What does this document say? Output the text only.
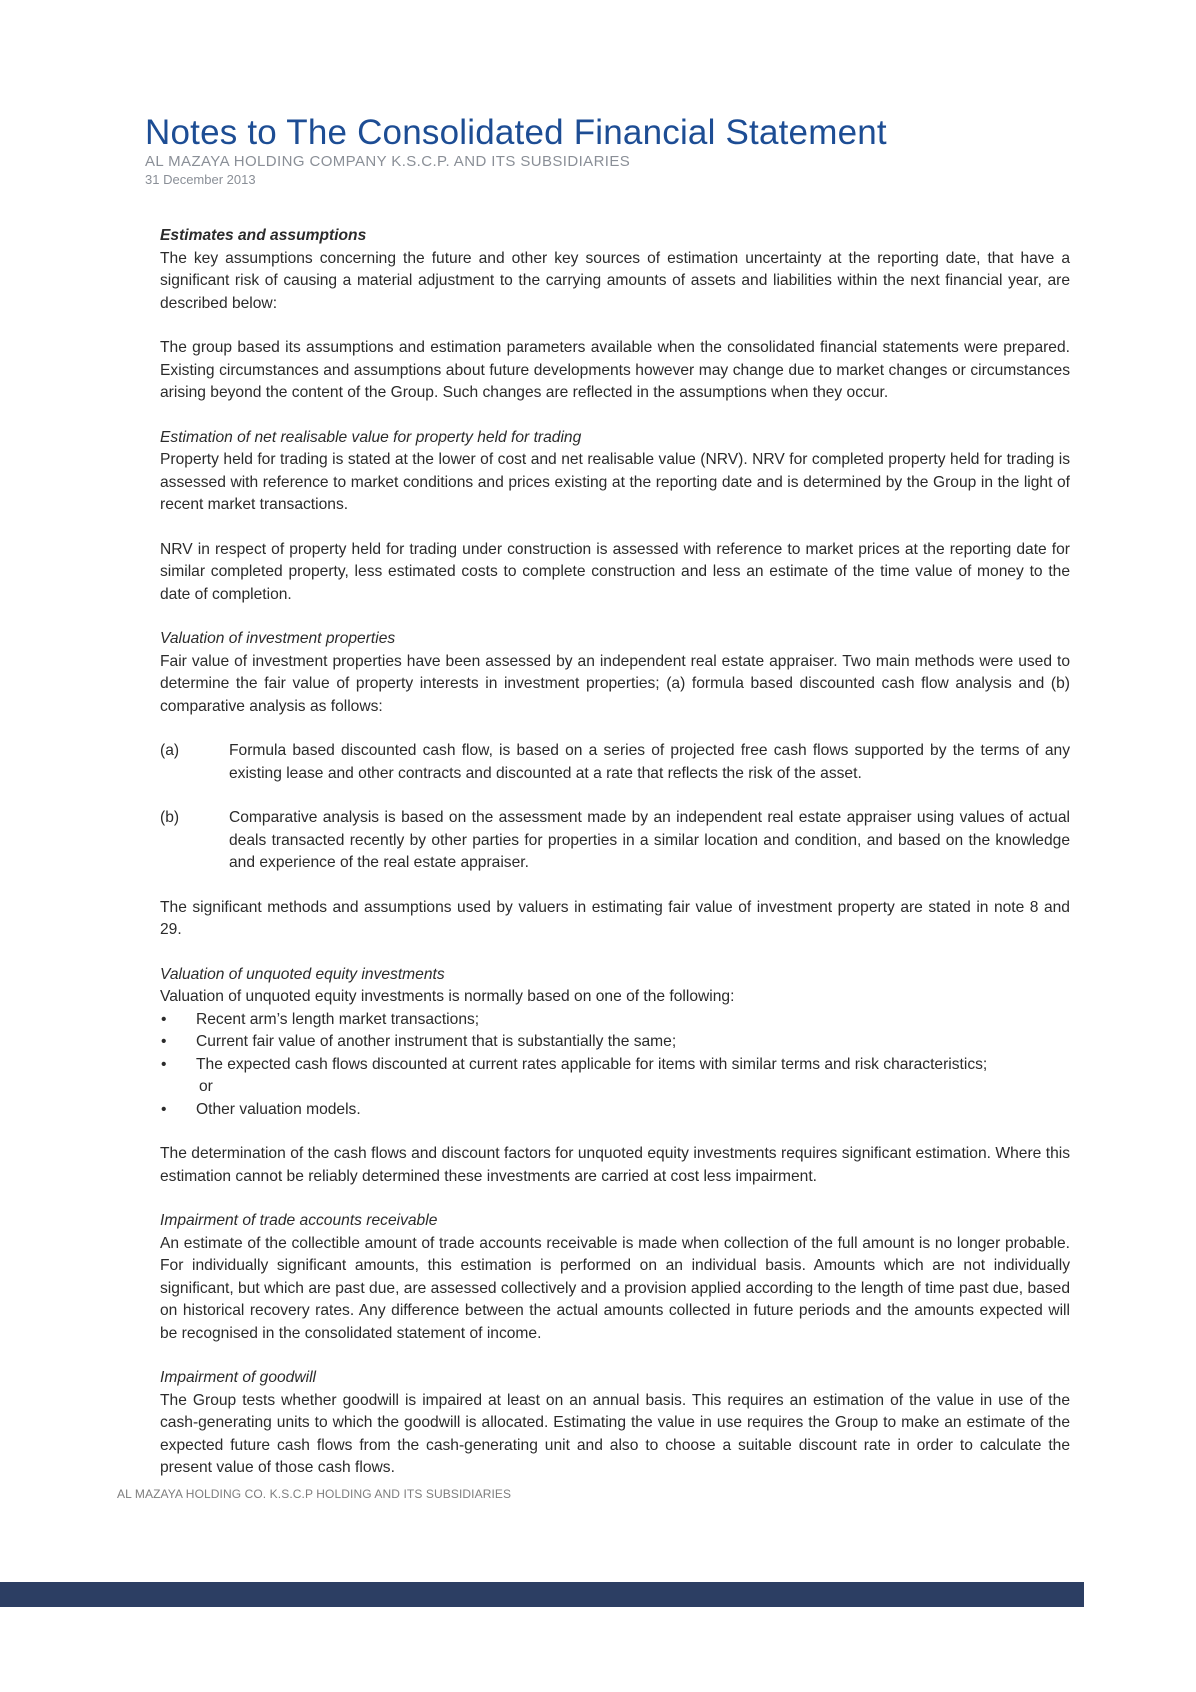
Notes to The Consolidated Financial Statement
AL MAZAYA HOLDING COMPANY K.S.C.P. AND ITS SUBSIDIARIES
31 December 2013
Estimates and assumptions

The key assumptions concerning the future and other key sources of estimation uncertainty at the reporting date, that have a significant risk of causing a material adjustment to the carrying amounts of assets and liabilities within the next financial year, are described below:

The group based its assumptions and estimation parameters available when the consolidated financial statements were prepared. Existing circumstances and assumptions about future developments however may change due to market changes or circumstances arising beyond the content of the Group. Such changes are reflected in the assumptions when they occur.

Estimation of net realisable value for property held for trading

Property held for trading is stated at the lower of cost and net realisable value (NRV). NRV for completed property held for trading is assessed with reference to market conditions and prices existing at the reporting date and is determined by the Group in the light of recent market transactions.

NRV in respect of property held for trading under construction is assessed with reference to market prices at the reporting date for similar completed property, less estimated costs to complete construction and less an estimate of the time value of money to the date of completion.

Valuation of investment properties

Fair value of investment properties have been assessed by an independent real estate appraiser. Two main methods were used to determine the fair value of property interests in investment properties; (a) formula based discounted cash flow analysis and (b) comparative analysis as follows:

(a)	Formula based discounted cash flow, is based on a series of projected free cash flows supported by the terms of any existing lease and other contracts and discounted at a rate that reflects the risk of the asset.
(b)	Comparative analysis is based on the assessment made by an independent real estate appraiser using values of actual deals transacted recently by other parties for properties in a similar location and condition, and based on the knowledge and experience of the real estate appraiser.

The significant methods and assumptions used by valuers in estimating fair value of investment property are stated in note 8 and 29.

Valuation of unquoted equity investments
Valuation of unquoted equity investments is normally based on one of the following:
•	Recent arm’s length market transactions;
•	Current fair value of another instrument that is substantially the same;
•	The expected cash flows discounted at current rates applicable for items with similar terms and risk characteristics;
or
•	Other valuation models.

The determination of the cash flows and discount factors for unquoted equity investments requires significant estimation. Where this estimation cannot be reliably determined these investments are carried at cost less impairment.

Impairment of trade accounts receivable

An estimate of the collectible amount of trade accounts receivable is made when collection of the full amount is no longer probable. For individually significant amounts, this estimation is performed on an individual basis. Amounts which are not individually significant, but which are past due, are assessed collectively and a provision applied according to the length of time past due, based on historical recovery rates. Any difference between the actual amounts collected in future periods and the amounts expected will be recognised in the consolidated statement of income.

Impairment of goodwill

The Group tests whether goodwill is impaired at least on an annual basis. This requires an estimation of the value in use of the cash-generating units to which the goodwill is allocated. Estimating the value in use requires the Group to make an estimate of the expected future cash flows from the cash-generating unit and also to choose a suitable discount rate in order to calculate the present value of those cash flows.

AL MAZAYA HOLDING CO. K.S.C.P HOLDING AND ITS SUBSIDIARIES
